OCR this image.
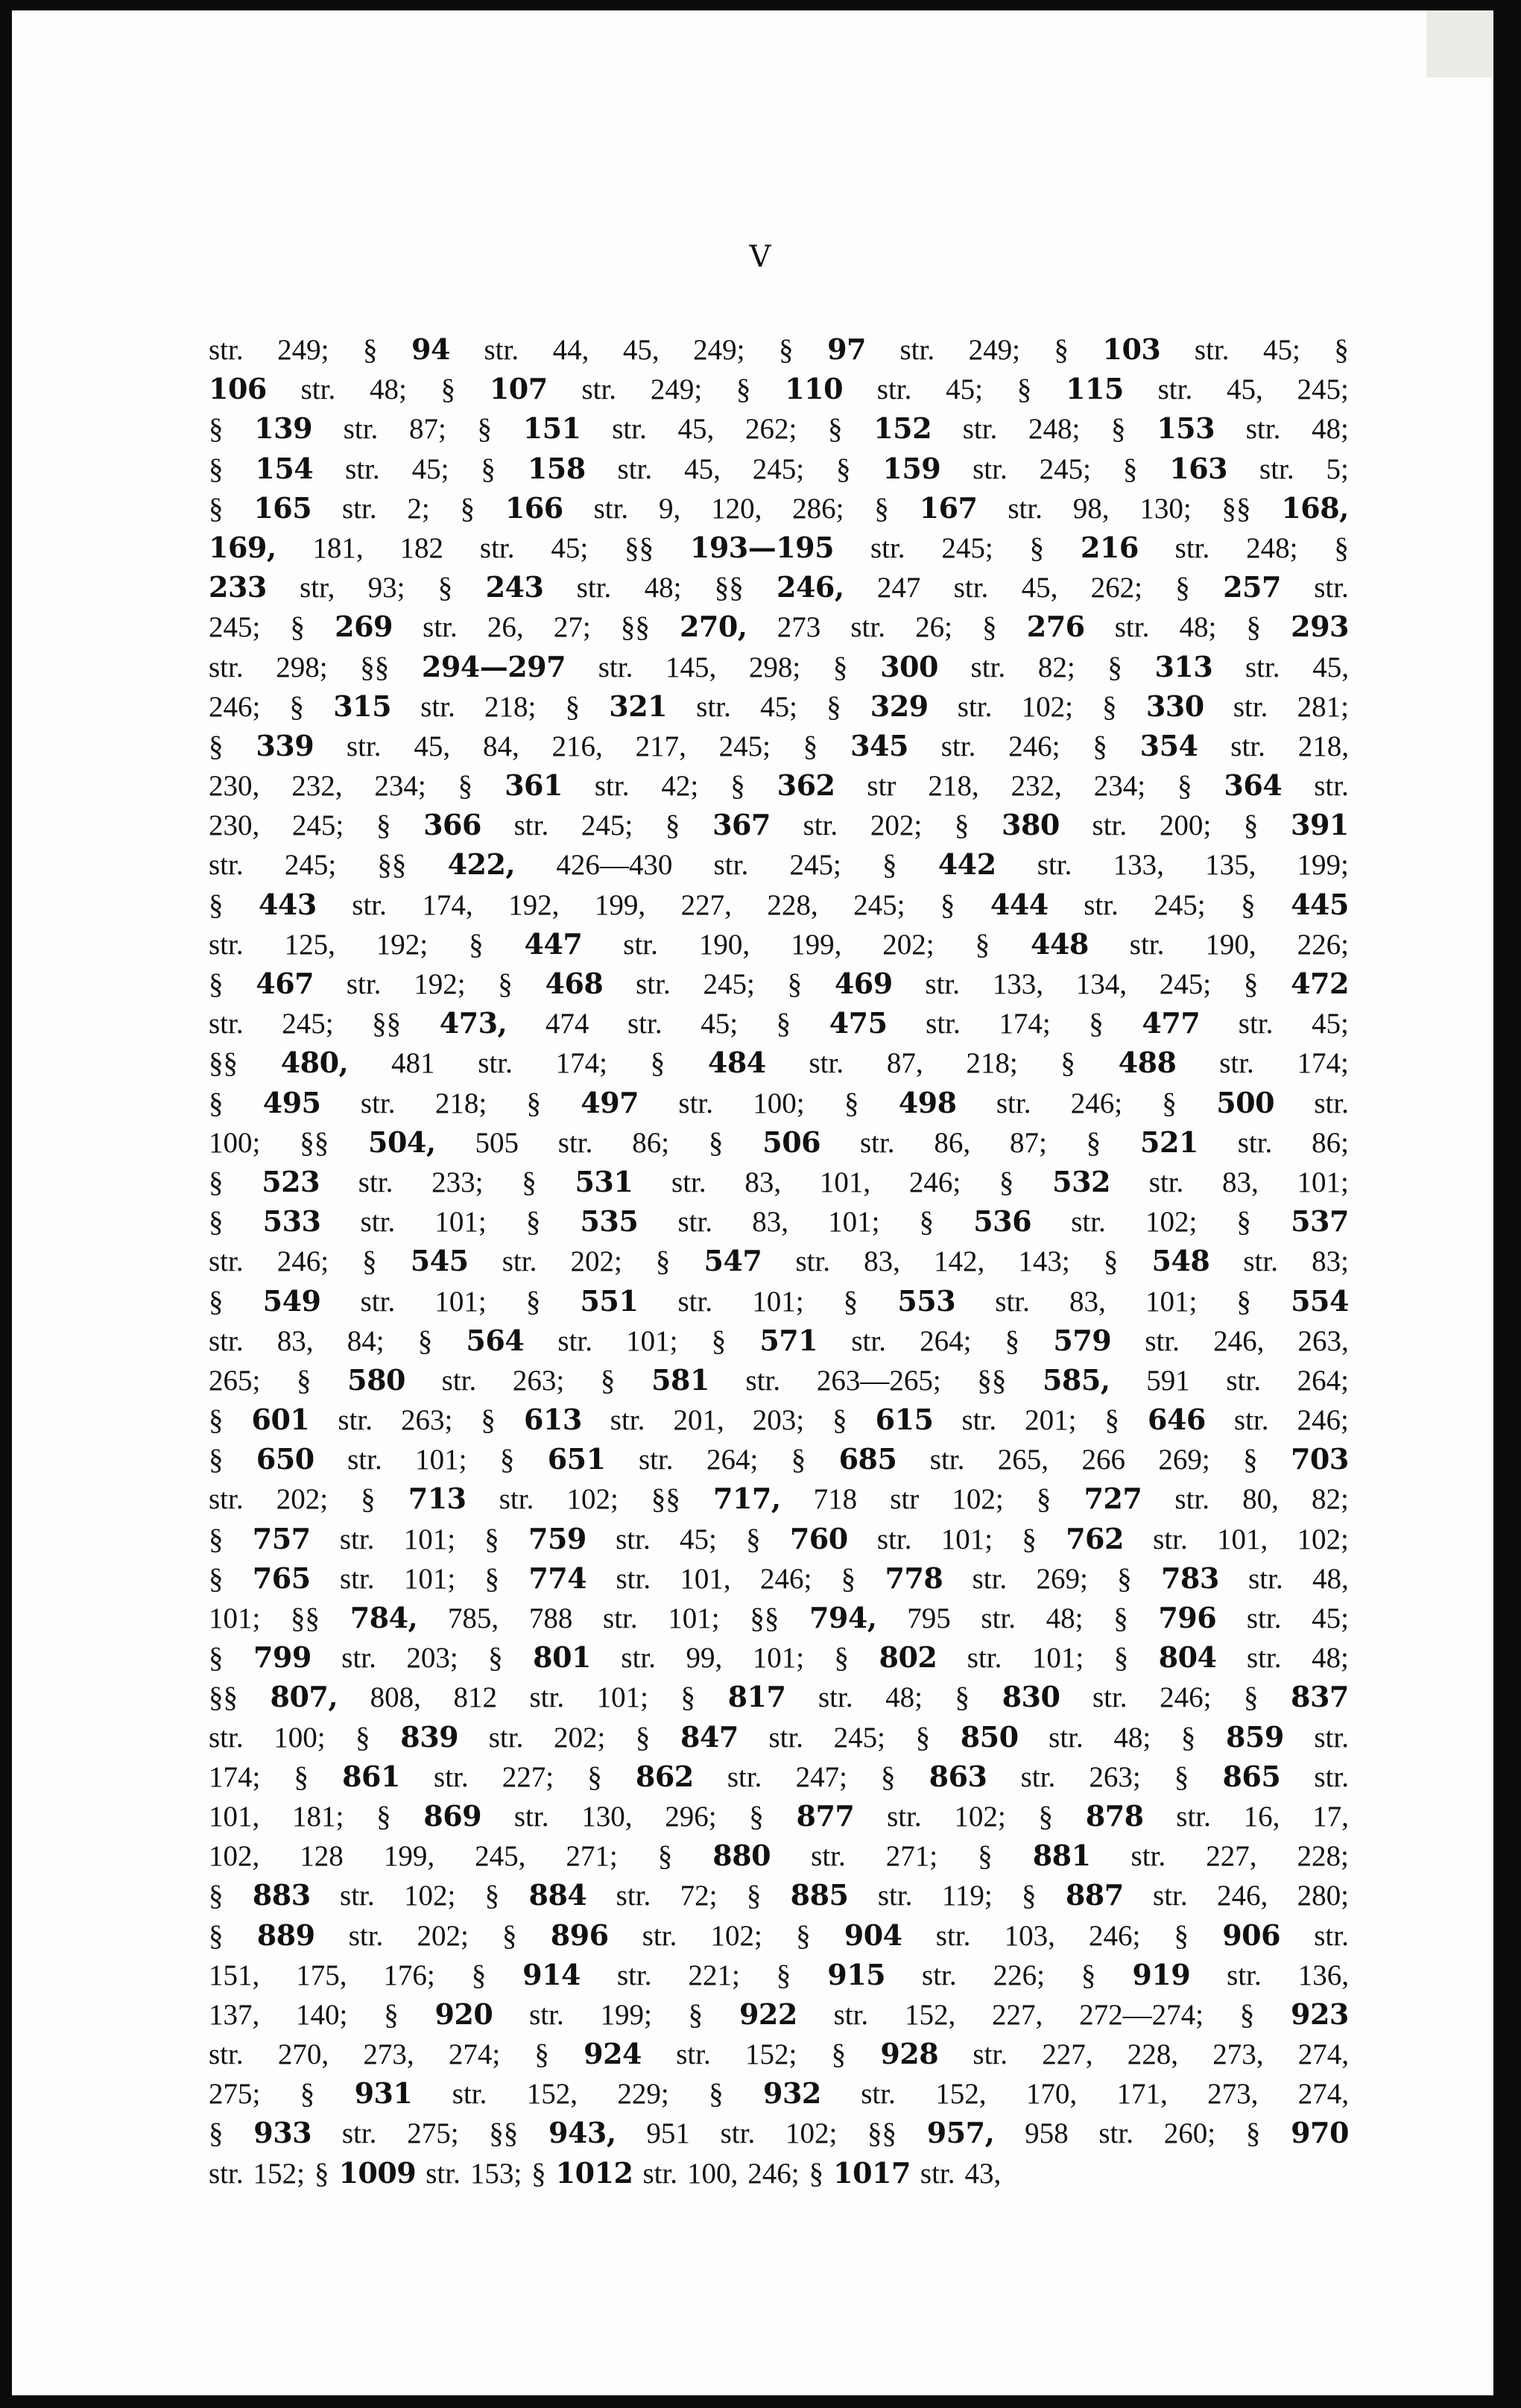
V
str. 249; § 94 str. 44, 45, 249; § 97 str. 249; § 103 str. 45; §
106 str. 48; § 107 str. 249; § 110 str. 45; § 115 str. 45, 245;
§ 139 str. 87; § 151 str. 45, 262; § 152 str. 248; § 153 str. 48;
§ 154 str. 45; § 158 str. 45, 245; § 159 str. 245; § 163 str. 5;
§ 165 str. 2; § 166 str. 9, 120, 286; § 167 str. 98, 130; §§ 168,
169, 181, 182 str. 45; §§ 193—195 str. 245; § 216 str. 248; §
233 str, 93; § 243 str. 48; §§ 246, 247 str. 45, 262; § 257 str.
245; § 269 str. 26, 27; §§ 270, 273 str. 26; § 276 str. 48; § 293
str. 298; §§ 294—297 str. 145, 298; § 300 str. 82; § 313 str. 45,
246; § 315 str. 218; § 321 str. 45; § 329 str. 102; § 330 str. 281;
§ 339 str. 45, 84, 216, 217, 245; § 345 str. 246; § 354 str. 218,
230, 232, 234; § 361 str. 42; § 362 str 218, 232, 234; § 364 str.
230, 245; § 366 str. 245; § 367 str. 202; § 380 str. 200; § 391
str. 245; §§ 422, 426—430 str. 245; § 442 str. 133, 135, 199;
§ 443 str. 174, 192, 199, 227, 228, 245; § 444 str. 245; § 445
str. 125, 192; § 447 str. 190, 199, 202; § 448 str. 190, 226;
§ 467 str. 192; § 468 str. 245; § 469 str. 133, 134, 245; § 472
str. 245; §§ 473, 474 str. 45; § 475 str. 174; § 477 str. 45;
§§ 480, 481 str. 174; § 484 str. 87, 218; § 488 str. 174;
§ 495 str. 218; § 497 str. 100; § 498 str. 246; § 500 str.
100; §§ 504, 505 str. 86; § 506 str. 86, 87; § 521 str. 86;
§ 523 str. 233; § 531 str. 83, 101, 246; § 532 str. 83, 101;
§ 533 str. 101; § 535 str. 83, 101; § 536 str. 102; § 537
str. 246; § 545 str. 202; § 547 str. 83, 142, 143; § 548 str. 83;
§ 549 str. 101; § 551 str. 101; § 553 str. 83, 101; § 554
str. 83, 84; § 564 str. 101; § 571 str. 264; § 579 str. 246, 263,
265; § 580 str. 263; § 581 str. 263—265; §§ 585, 591 str. 264;
§ 601 str. 263; § 613 str. 201, 203; § 615 str. 201; § 646 str. 246;
§ 650 str. 101; § 651 str. 264; § 685 str. 265, 266 269; § 703
str. 202; § 713 str. 102; §§ 717, 718 str 102; § 727 str. 80, 82;
§ 757 str. 101; § 759 str. 45; § 760 str. 101; § 762 str. 101, 102;
§ 765 str. 101; § 774 str. 101, 246; § 778 str. 269; § 783 str. 48,
101; §§ 784, 785, 788 str. 101; §§ 794, 795 str. 48; § 796 str. 45;
§ 799 str. 203; § 801 str. 99, 101; § 802 str. 101; § 804 str. 48;
§§ 807, 808, 812 str. 101; § 817 str. 48; § 830 str. 246; § 837
str. 100; § 839 str. 202; § 847 str. 245; § 850 str. 48; § 859 str.
174; § 861 str. 227; § 862 str. 247; § 863 str. 263; § 865 str.
101, 181; § 869 str. 130, 296; § 877 str. 102; § 878 str. 16, 17,
102, 128 199, 245, 271; § 880 str. 271; § 881 str. 227, 228;
§ 883 str. 102; § 884 str. 72; § 885 str. 119; § 887 str. 246, 280;
§ 889 str. 202; § 896 str. 102; § 904 str. 103, 246; § 906 str.
151, 175, 176; § 914 str. 221; § 915 str. 226; § 919 str. 136,
137, 140; § 920 str. 199; § 922 str. 152, 227, 272—274; § 923
str. 270, 273, 274; § 924 str. 152; § 928 str. 227, 228, 273, 274,
275; § 931 str. 152, 229; § 932 str. 152, 170, 171, 273, 274,
§ 933 str. 275; §§ 943, 951 str. 102; §§ 957, 958 str. 260; § 970
str. 152; § 1009 str. 153; § 1012 str. 100, 246; § 1017 str. 43,
